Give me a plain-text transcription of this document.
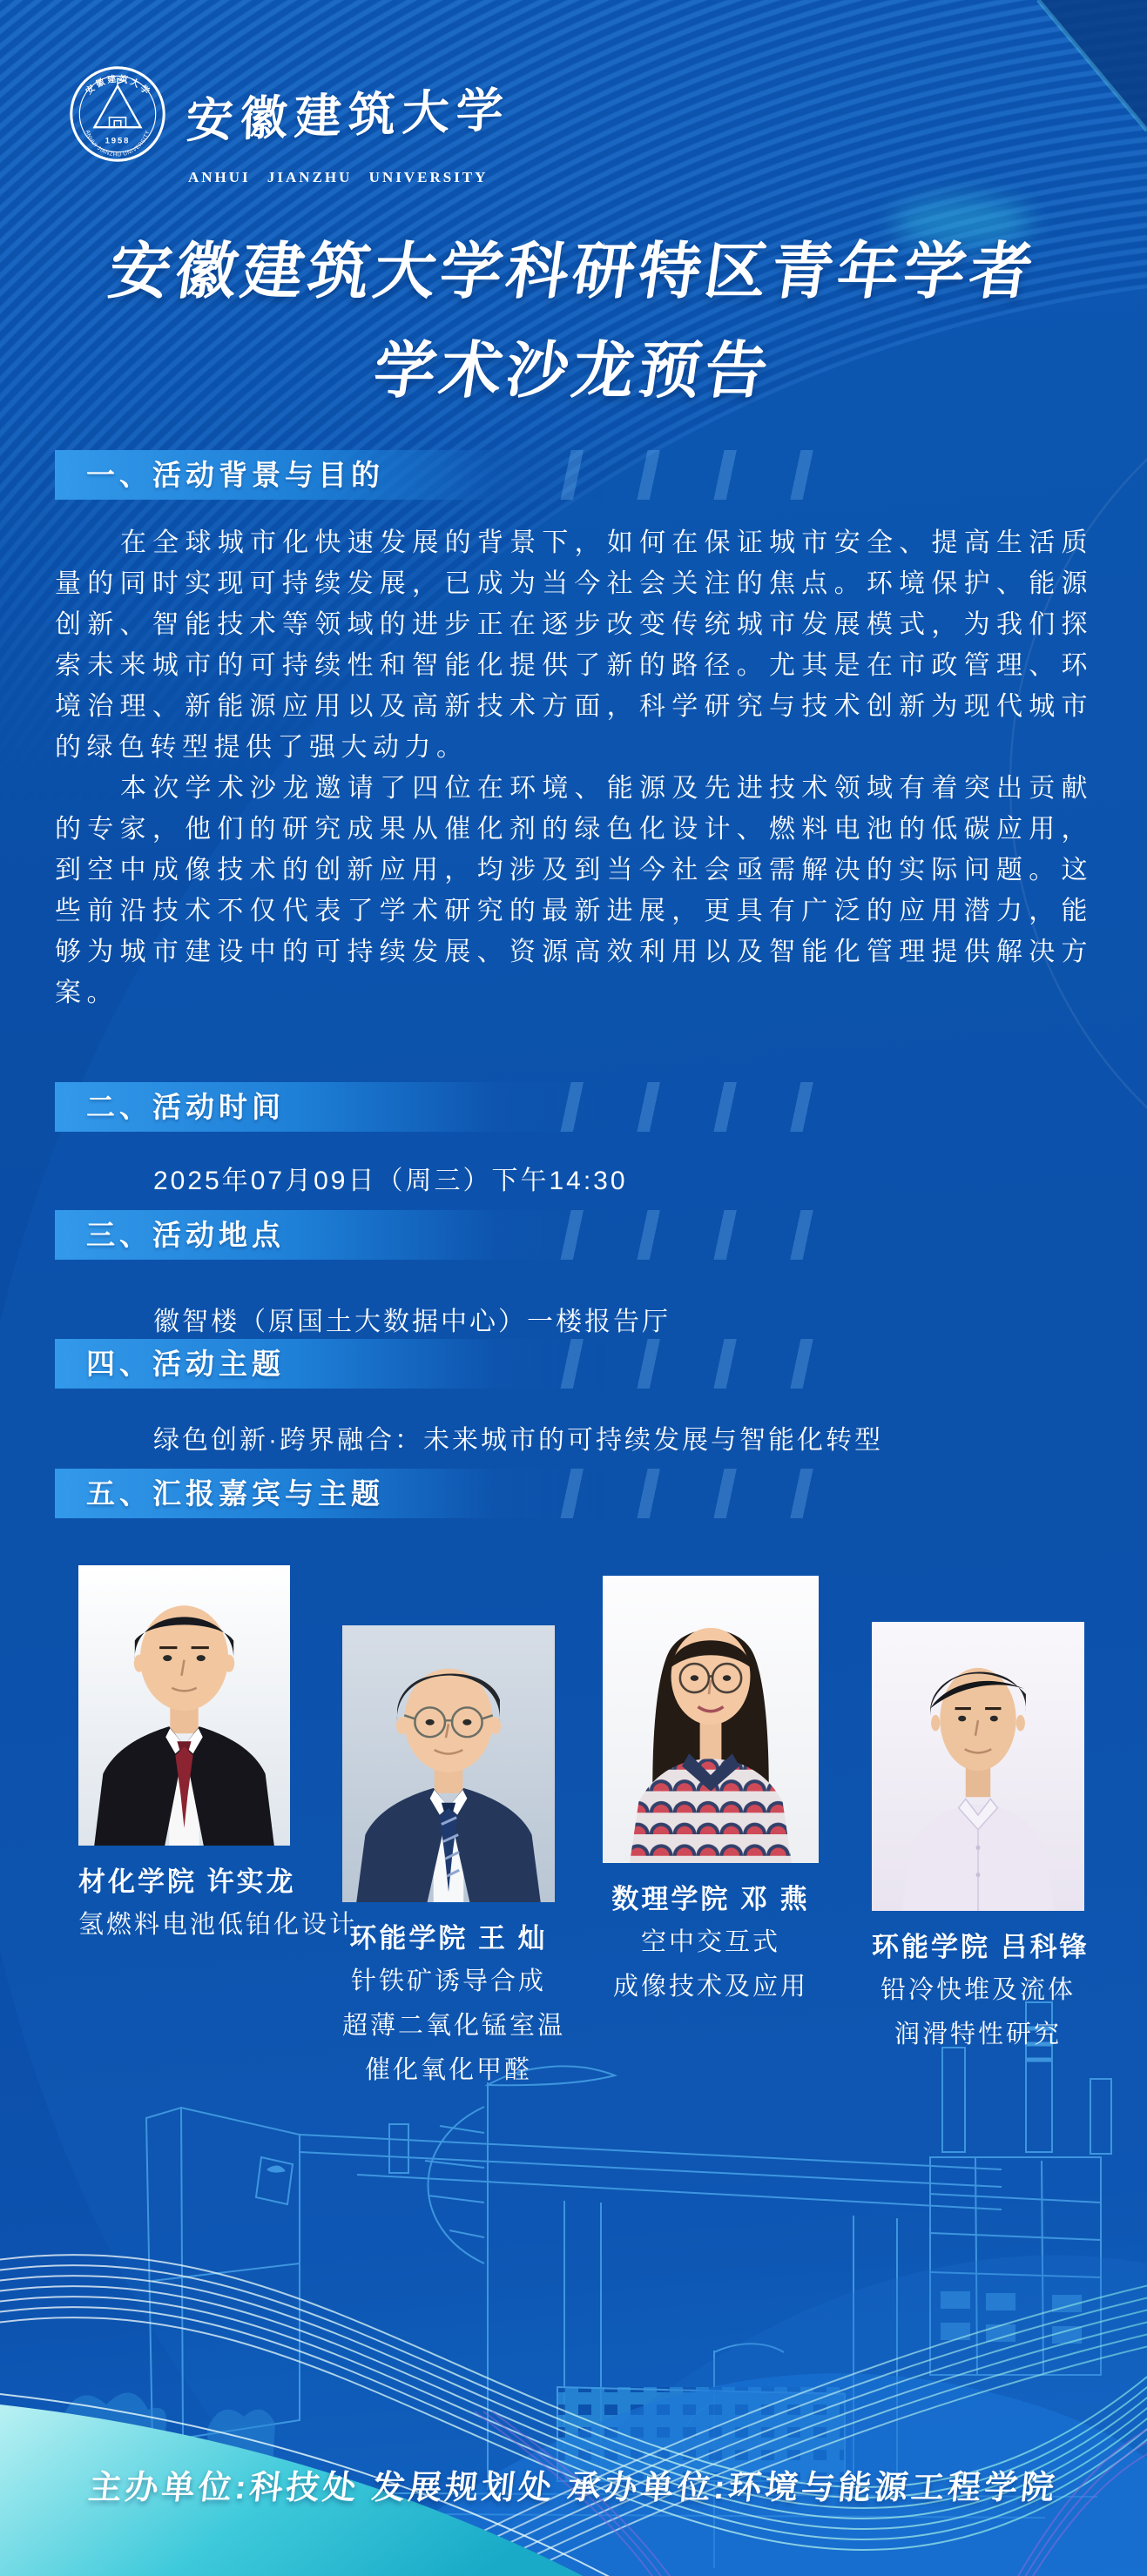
1958
安 徽 建 筑 大 学
ANHUI JIANZHU UNIVERSITY 安徽建筑大学
ANHUI JIANZHU UNIVERSITY
安徽建筑大学科研特区青年学者
学术沙龙预告
一、活动背景与目的

在全球城市化快速发展的背景下，如何在保证城市安全、提高生活质量的同时实现可持续发展，已成为当今社会关注的焦点。环境保护、能源创新、智能技术等领域的进步正在逐步改变传统城市发展模式，为我们探索未来城市的可持续性和智能化提供了新的路径。尤其是在市政管理、环境治理、新能源应用以及高新技术方面，科学研究与技术创新为现代城市的绿色转型提供了强大动力。

本次学术沙龙邀请了四位在环境、能源及先进技术领域有着突出贡献的专家，他们的研究成果从催化剂的绿色化设计、燃料电池的低碳应用，到空中成像技术的创新应用，均涉及到当今社会亟需解决的实际问题。这些前沿技术不仅代表了学术研究的最新进展，更具有广泛的应用潜力，能够为城市建设中的可持续发展、资源高效利用以及智能化管理提供解决方案。

二、活动时间
2025年07月09日（周三）下午14:30
三、活动地点
徽智楼（原国土大数据中心）一楼报告厅
四、活动主题
绿色创新·跨界融合：未来城市的可持续发展与智能化转型
五、汇报嘉宾与主题
材化学院 许实龙
氢燃料电池低铂化设计
环能学院 王 灿
针铁矿诱导合成
超薄二氧化锰室温
催化氧化甲醛
数理学院 邓 燕
空中交互式
成像技术及应用
环能学院 吕科锋
铅冷快堆及流体
润滑特性研究
主办单位:科技处 发展规划处 承办单位:环境与能源工程学院
